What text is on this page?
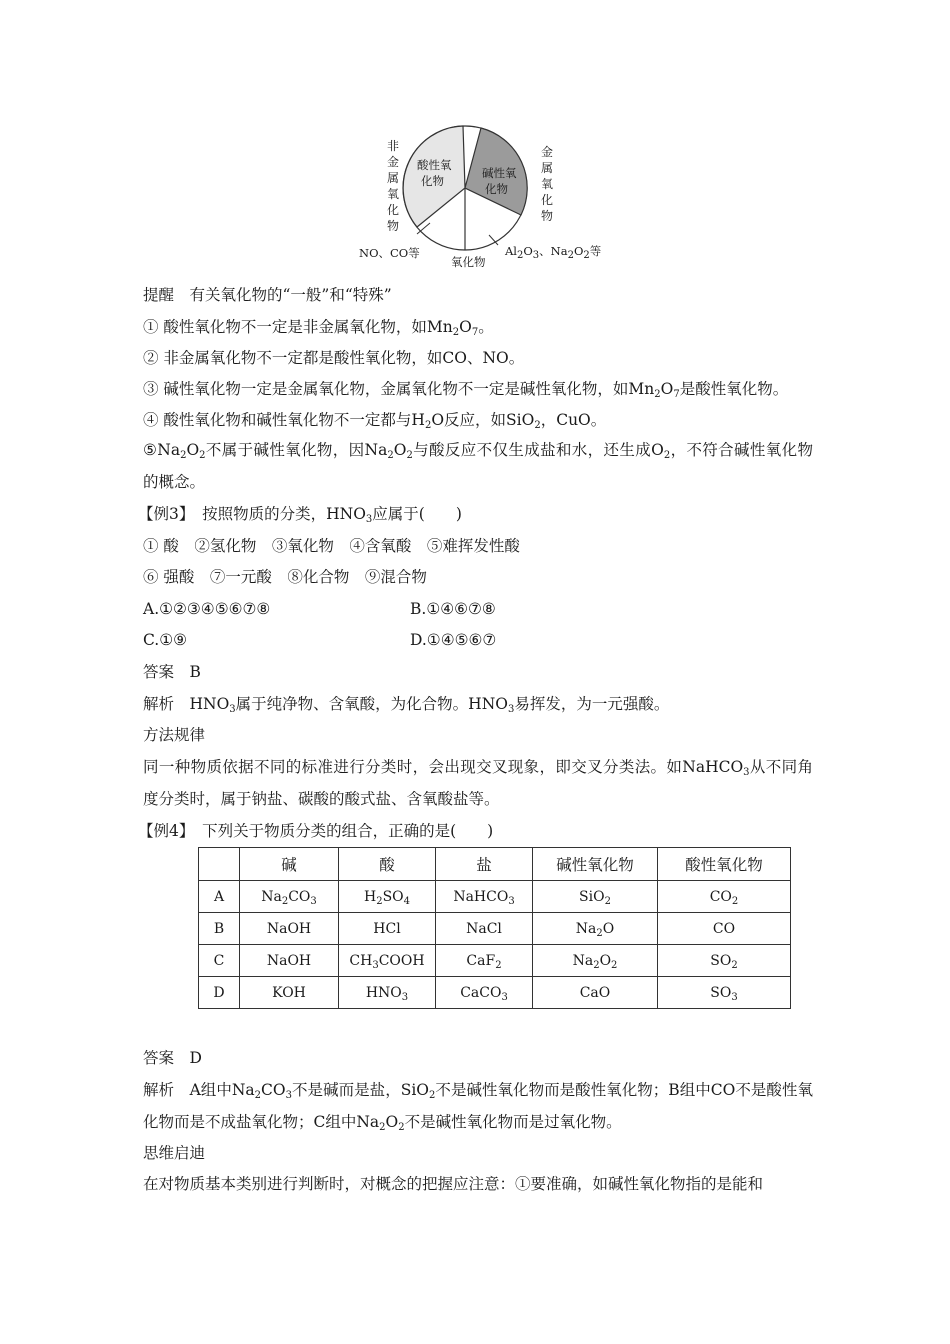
非金属氧化物
金属氧化物
酸性氧
化物
碱性氧
化物
氧化物
NO、CO等	$Al_2O_3$、$Na_2O_2$等
提醒　有关氧化物的“一般”和“特殊”
① 酸性氧化物不一定是非金属氧化物，如$Mn_2O_7$。
② 非金属氧化物不一定都是酸性氧化物，如CO、NO。
③ 碱性氧化物一定是金属氧化物，金属氧化物不一定是碱性氧化物，如$Mn_2O_7$是酸性氧化物。
④ 酸性氧化物和碱性氧化物不一定都与$H_2O$反应，如SiO$_2$，CuO。
$⑤Na_2O_2$不属于碱性氧化物，因$Na_2O_2$与酸反应不仅生成盐和水，还生成$O_2$，不符合碱性氧化物的概念。
【例3】　按照物质的分类，$HNO_3$应属于(　　)
① 酸　②氢化物　③氧化物　④含氧酸　⑤难挥发性酸
⑥ 强酸　⑦一元酸　⑧化合物　⑨混合物
A.①②③④⑤⑥⑦⑧	B.①④⑥⑦⑧
C.①⑨	D.①④⑤⑥⑦
答案　B
解析　$HNO_3$属于纯净物、含氧酸，为化合物。$HNO_3$易挥发，为一元强酸。
方法规律
同一种物质依据不同的标准进行分类时，会出现交叉现象，即交叉分类法。如NaHCO$_3$从不同角度分类时，属于钠盐、碳酸的酸式盐、含氧酸盐等。
【例4】　下列关于物质分类的组合，正确的是(　　)
	碱	酸	盐	碱性氧化物	酸性氧化物
A	$Na_2CO_3$	$H_2SO_4$	NaHCO$_3$	SiO$_2$	$CO_2$
B	NaOH	HCl	NaCl	$Na_2O$	CO
C	NaOH	$CH_3COOH$	CaF$_2$	$Na_2O_2$	$SO_2$
D	KOH	$HNO_3$	CaCO$_3$	CaO	$SO_3$
答案　D
解析　A组中$Na_2CO_3$不是碱而是盐，SiO$_2$不是碱性氧化物而是酸性氧化物；B组中CO不是酸性氧化物而是不成盐氧化物；C组中$Na_2O_2$不是碱性氧化物而是过氧化物。
思维启迪
在对物质基本类别进行判断时，对概念的把握应注意：①要准确，如碱性氧化物指的是能和
